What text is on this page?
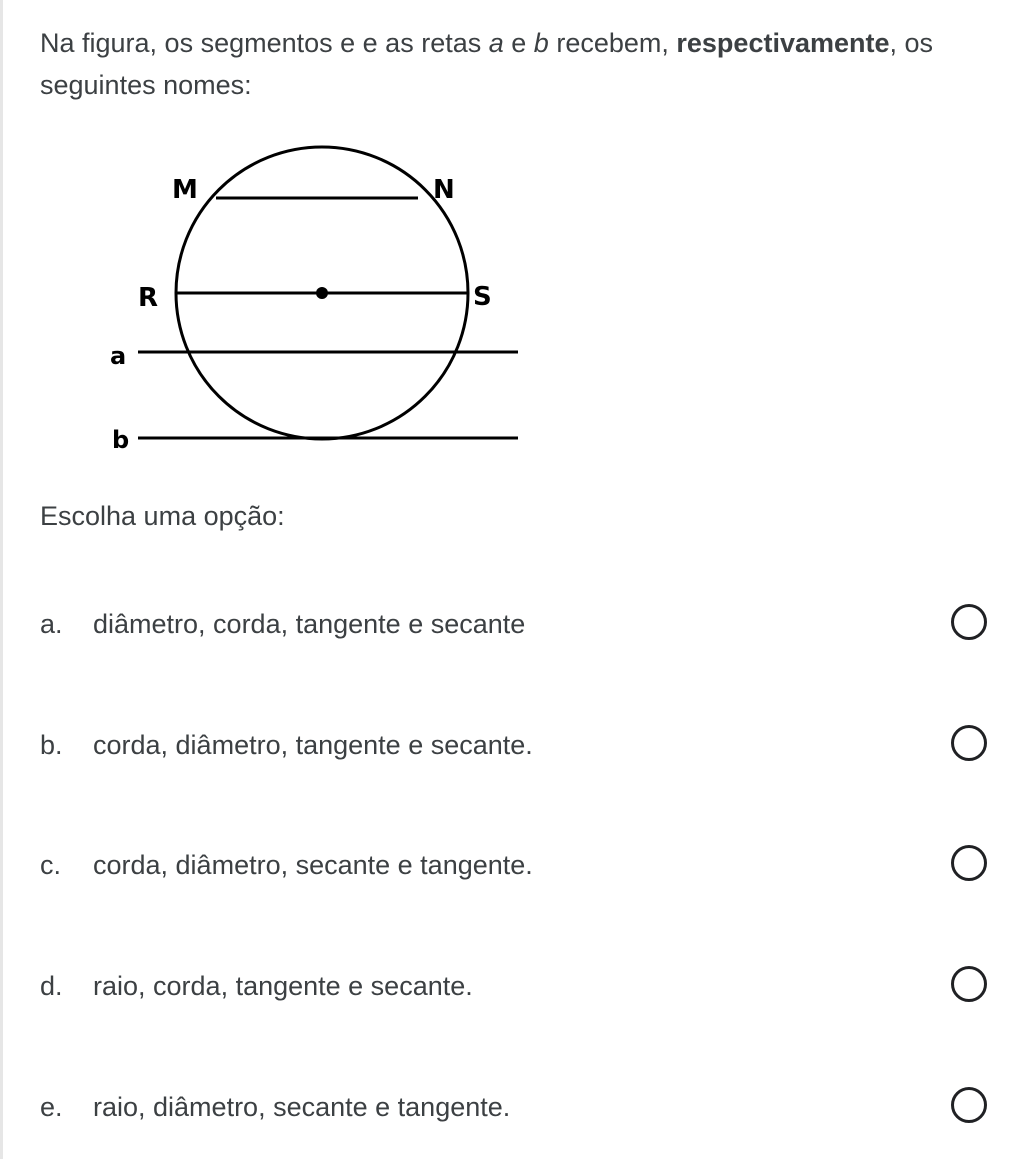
Na figura, os segmentos e e as retas a e b recebem, respectivamente, os seguintes nomes:
M	N
R	S
a
b
Escolha uma opção:
a. diâmetro, corda, tangente e secante
b. corda, diâmetro, tangente e secante.
c. corda, diâmetro, secante e tangente.
d. raio, corda, tangente e secante.
e. raio, diâmetro, secante e tangente.
